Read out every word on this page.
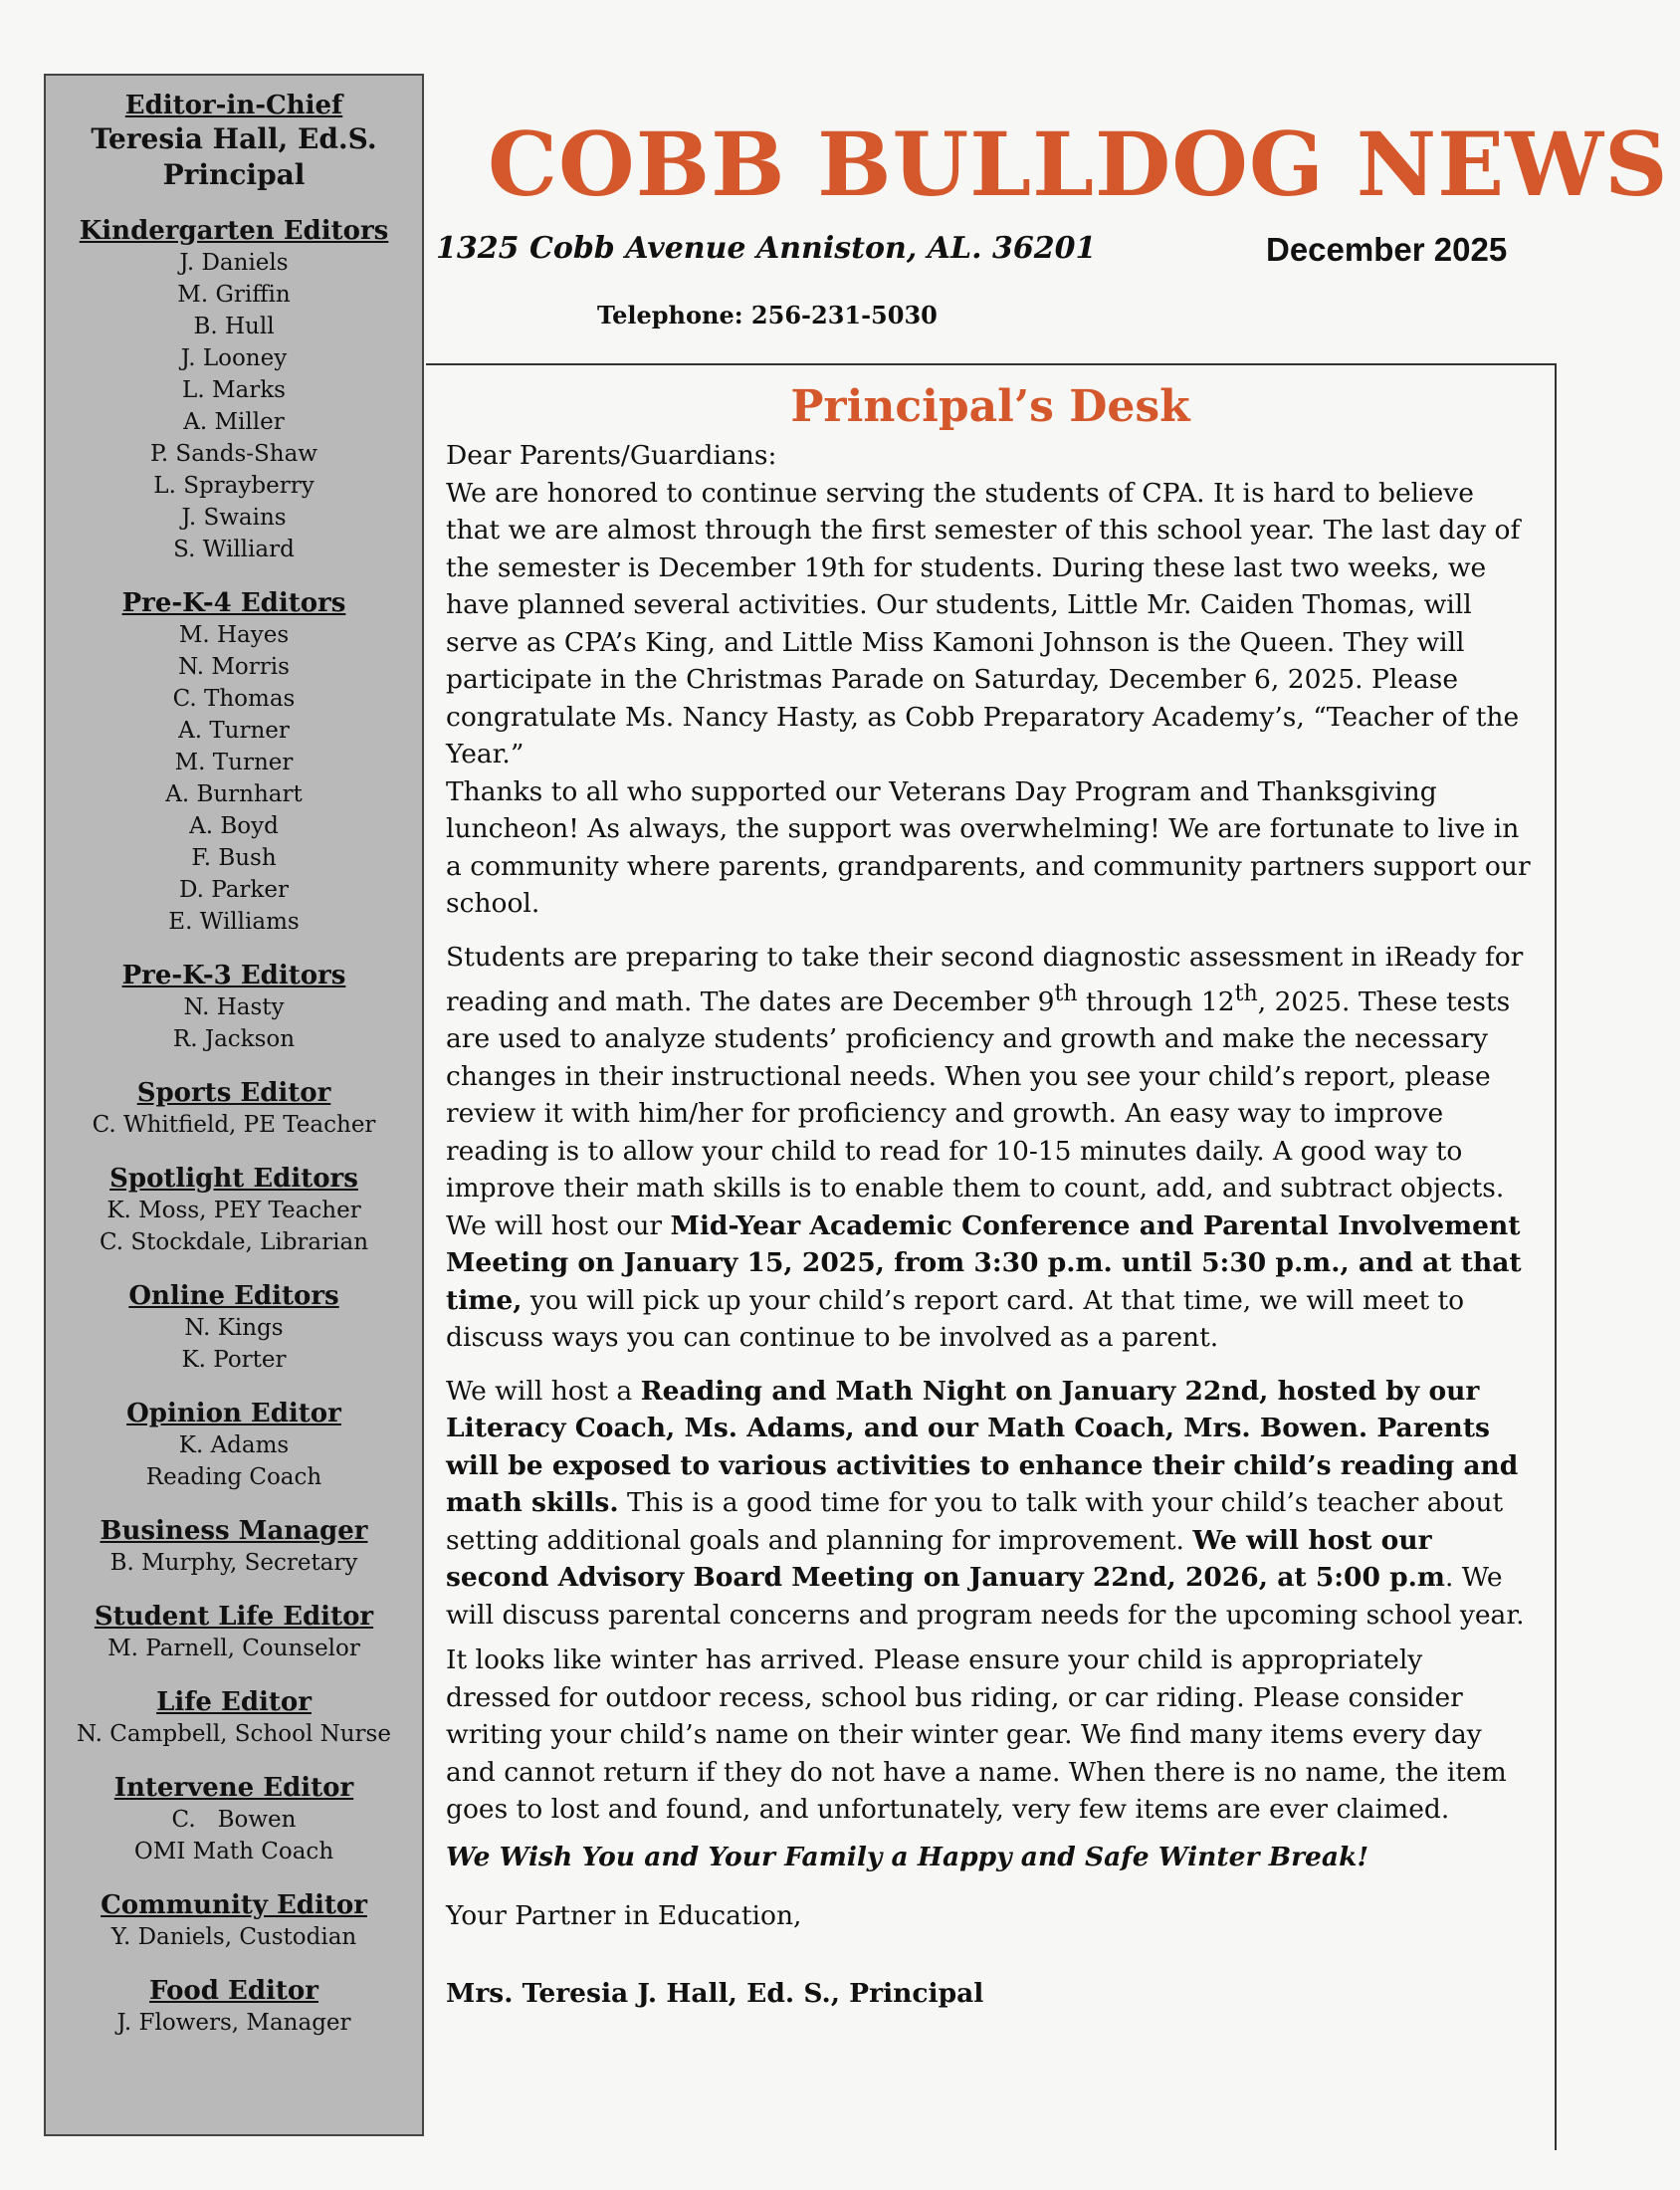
Editor-in-Chief
Teresia Hall, Ed.S.
Principal
Kindergarten Editors
J. Daniels
M. Griffin
B. Hull
J. Looney
L. Marks
A. Miller
P. Sands-Shaw
L. Sprayberry
J. Swains
S. Williard
Pre-K-4 Editors
M. Hayes
N. Morris
C. Thomas
A. Turner
M. Turner
A. Burnhart
A. Boyd
F. Bush
D. Parker
E. Williams
Pre-K-3 Editors
N. Hasty
R. Jackson
Sports Editor
C. Whitfield, PE Teacher
Spotlight Editors
K. Moss, PEY Teacher
C. Stockdale, Librarian
Online Editors
N. Kings
K. Porter
Opinion Editor
K. Adams
Reading Coach
Business Manager
B. Murphy, Secretary
Student Life Editor
M. Parnell, Counselor
Life Editor
N. Campbell, School Nurse
Intervene Editor
C.   Bowen
OMI Math Coach
Community Editor
Y. Daniels, Custodian
Food Editor
J. Flowers, Manager
COBB BULLDOG NEWS
1325 Cobb Avenue Anniston, AL. 36201	December 2025
Telephone: 256-231-5030
Principal’s Desk

Dear Parents/Guardians:

We are honored to continue serving the students of CPA. It is hard to believe that we are almost through the first semester of this school year. The last day of the semester is December 19th for students. During these last two weeks, we have planned several activities. Our students, Little Mr. Caiden Thomas, will serve as CPA’s King, and Little Miss Kamoni Johnson is the Queen. They will participate in the Christmas Parade on Saturday, December 6, 2025. Please congratulate Ms. Nancy Hasty, as Cobb Preparatory Academy’s, “Teacher of the Year.”

Thanks to all who supported our Veterans Day Program and Thanksgiving luncheon! As always, the support was overwhelming! We are fortunate to live in a community where parents, grandparents, and community partners support our school.

Students are preparing to take their second diagnostic assessment in iReady for reading and math. The dates are December 9th through 12th, 2025. These tests are used to analyze students’ proficiency and growth and make the necessary changes in their instructional needs. When you see your child’s report, please review it with him/her for proficiency and growth. An easy way to improve reading is to allow your child to read for 10-15 minutes daily. A good way to improve their math skills is to enable them to count, add, and subtract objects. We will host our Mid-Year Academic Conference and Parental Involvement Meeting on January 15, 2025, from 3:30 p.m. until 5:30 p.m., and at that time, you will pick up your child’s report card. At that time, we will meet to discuss ways you can continue to be involved as a parent.

We will host a Reading and Math Night on January 22nd, hosted by our Literacy Coach, Ms. Adams, and our Math Coach, Mrs. Bowen. Parents will be exposed to various activities to enhance their child’s reading and math skills. This is a good time for you to talk with your child’s teacher about setting additional goals and planning for improvement. We will host our second Advisory Board Meeting on January 22nd, 2026, at 5:00 p.m. We will discuss parental concerns and program needs for the upcoming school year.

It looks like winter has arrived. Please ensure your child is appropriately dressed for outdoor recess, school bus riding, or car riding. Please consider writing your child’s name on their winter gear. We find many items every day and cannot return if they do not have a name. When there is no name, the item goes to lost and found, and unfortunately, very few items are ever claimed.

We Wish You and Your Family a Happy and Safe Winter Break!

Your Partner in Education,

Mrs. Teresia J. Hall, Ed. S., Principal
